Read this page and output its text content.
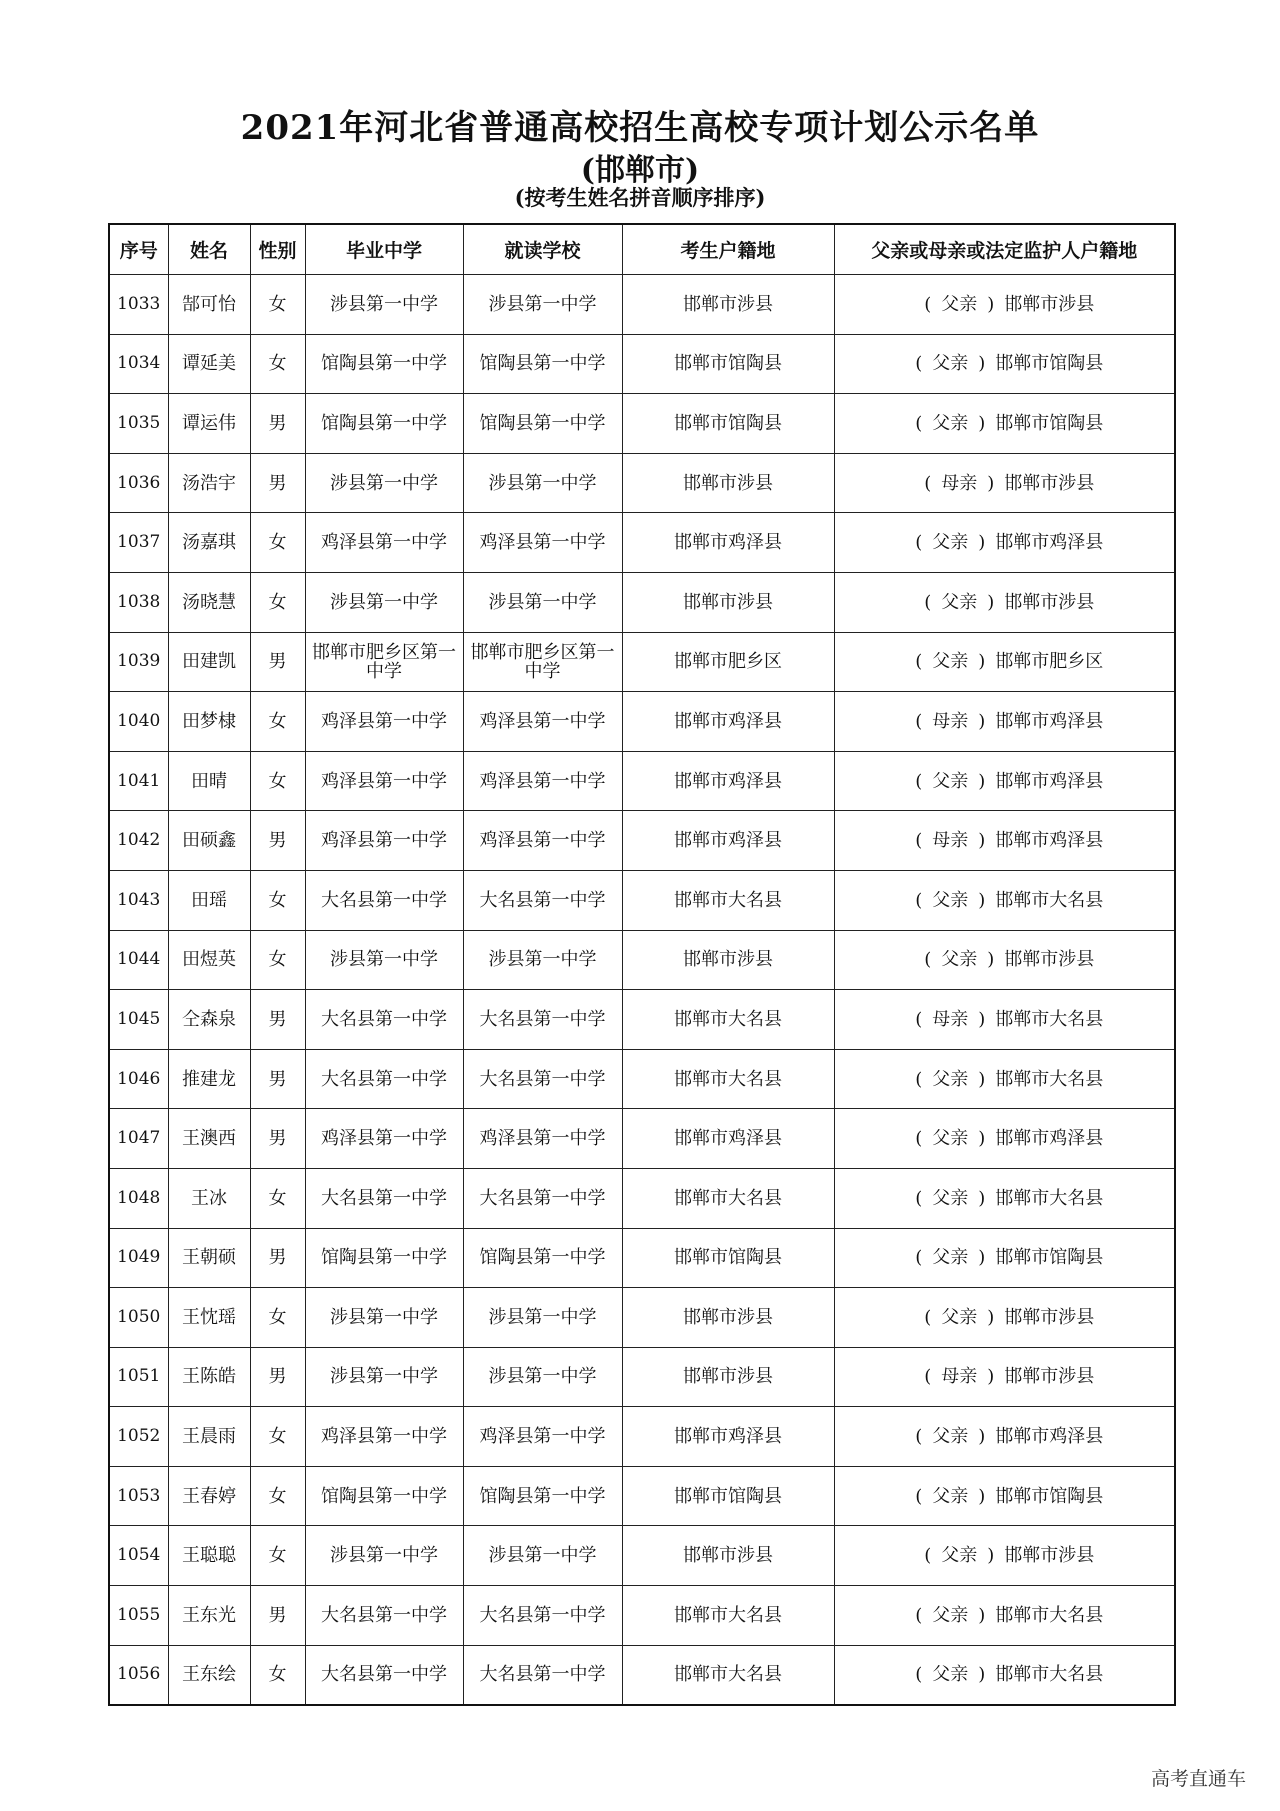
2021年河北省普通高校招生高校专项计划公示名单
(邯郸市)
(按考生姓名拼音顺序排序)
序号	姓名	性别	毕业中学	就读学校	考生户籍地	父亲或母亲或法定监护人户籍地
1033	郜可怡	女	涉县第一中学	涉县第一中学	邯郸市涉县	( 父亲 ) 邯郸市涉县
1034	谭延美	女	馆陶县第一中学	馆陶县第一中学	邯郸市馆陶县	( 父亲 ) 邯郸市馆陶县
1035	谭运伟	男	馆陶县第一中学	馆陶县第一中学	邯郸市馆陶县	( 父亲 ) 邯郸市馆陶县
1036	汤浩宇	男	涉县第一中学	涉县第一中学	邯郸市涉县	( 母亲 ) 邯郸市涉县
1037	汤嘉琪	女	鸡泽县第一中学	鸡泽县第一中学	邯郸市鸡泽县	( 父亲 ) 邯郸市鸡泽县
1038	汤晓慧	女	涉县第一中学	涉县第一中学	邯郸市涉县	( 父亲 ) 邯郸市涉县
1039	田建凯	男	邯郸市肥乡区第一中学	邯郸市肥乡区第一中学	邯郸市肥乡区	( 父亲 ) 邯郸市肥乡区
1040	田梦棣	女	鸡泽县第一中学	鸡泽县第一中学	邯郸市鸡泽县	( 母亲 ) 邯郸市鸡泽县
1041	田晴	女	鸡泽县第一中学	鸡泽县第一中学	邯郸市鸡泽县	( 父亲 ) 邯郸市鸡泽县
1042	田硕鑫	男	鸡泽县第一中学	鸡泽县第一中学	邯郸市鸡泽县	( 母亲 ) 邯郸市鸡泽县
1043	田瑶	女	大名县第一中学	大名县第一中学	邯郸市大名县	( 父亲 ) 邯郸市大名县
1044	田煜英	女	涉县第一中学	涉县第一中学	邯郸市涉县	( 父亲 ) 邯郸市涉县
1045	仝森泉	男	大名县第一中学	大名县第一中学	邯郸市大名县	( 母亲 ) 邯郸市大名县
1046	推建龙	男	大名县第一中学	大名县第一中学	邯郸市大名县	( 父亲 ) 邯郸市大名县
1047	王澳西	男	鸡泽县第一中学	鸡泽县第一中学	邯郸市鸡泽县	( 父亲 ) 邯郸市鸡泽县
1048	王冰	女	大名县第一中学	大名县第一中学	邯郸市大名县	( 父亲 ) 邯郸市大名县
1049	王朝硕	男	馆陶县第一中学	馆陶县第一中学	邯郸市馆陶县	( 父亲 ) 邯郸市馆陶县
1050	王忱瑶	女	涉县第一中学	涉县第一中学	邯郸市涉县	( 父亲 ) 邯郸市涉县
1051	王陈皓	男	涉县第一中学	涉县第一中学	邯郸市涉县	( 母亲 ) 邯郸市涉县
1052	王晨雨	女	鸡泽县第一中学	鸡泽县第一中学	邯郸市鸡泽县	( 父亲 ) 邯郸市鸡泽县
1053	王春婷	女	馆陶县第一中学	馆陶县第一中学	邯郸市馆陶县	( 父亲 ) 邯郸市馆陶县
1054	王聪聪	女	涉县第一中学	涉县第一中学	邯郸市涉县	( 父亲 ) 邯郸市涉县
1055	王东光	男	大名县第一中学	大名县第一中学	邯郸市大名县	( 父亲 ) 邯郸市大名县
1056	王东绘	女	大名县第一中学	大名县第一中学	邯郸市大名县	( 父亲 ) 邯郸市大名县
高考直通车
